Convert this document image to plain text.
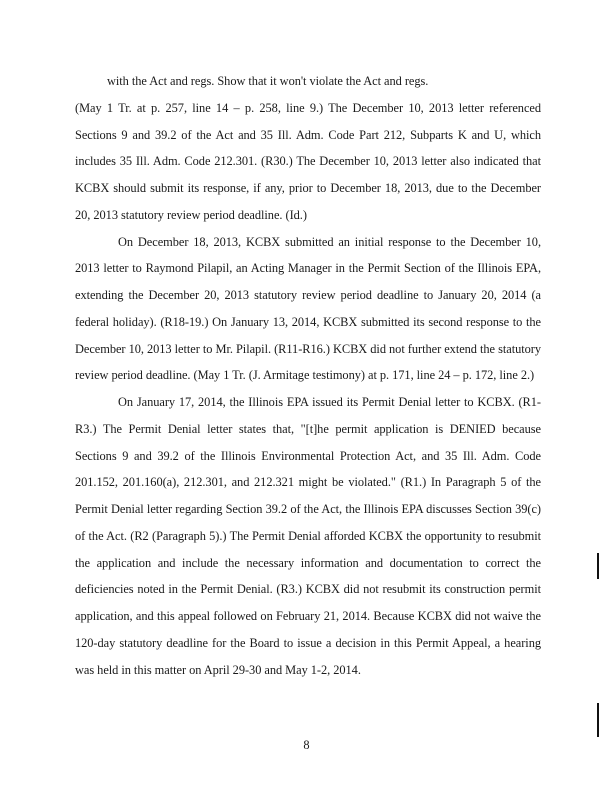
with the Act and regs. Show that it won't violate the Act and regs.

(May 1 Tr. at p. 257, line 14 – p. 258, line 9.) The December 10, 2013 letter referenced Sections 9 and 39.2 of the Act and 35 Ill. Adm. Code Part 212, Subparts K and U, which includes 35 Ill. Adm. Code 212.301. (R30.) The December 10, 2013 letter also indicated that KCBX should submit its response, if any, prior to December 18, 2013, due to the December 20, 2013 statutory review period deadline. (Id.)

On December 18, 2013, KCBX submitted an initial response to the December 10, 2013 letter to Raymond Pilapil, an Acting Manager in the Permit Section of the Illinois EPA, extending the December 20, 2013 statutory review period deadline to January 20, 2014 (a federal holiday). (R18-19.) On January 13, 2014, KCBX submitted its second response to the December 10, 2013 letter to Mr. Pilapil. (R11-R16.) KCBX did not further extend the statutory review period deadline. (May 1 Tr. (J. Armitage testimony) at p. 171, line 24 – p. 172, line 2.)

On January 17, 2014, the Illinois EPA issued its Permit Denial letter to KCBX. (R1-R3.) The Permit Denial letter states that, "[t]he permit application is DENIED because Sections 9 and 39.2 of the Illinois Environmental Protection Act, and 35 Ill. Adm. Code 201.152, 201.160(a), 212.301, and 212.321 might be violated." (R1.) In Paragraph 5 of the Permit Denial letter regarding Section 39.2 of the Act, the Illinois EPA discusses Section 39(c) of the Act. (R2 (Paragraph 5).) The Permit Denial afforded KCBX the opportunity to resubmit the application and include the necessary information and documentation to correct the deficiencies noted in the Permit Denial. (R3.) KCBX did not resubmit its construction permit application, and this appeal followed on February 21, 2014. Because KCBX did not waive the 120-day statutory deadline for the Board to issue a decision in this Permit Appeal, a hearing was held in this matter on April 29-30 and May 1-2, 2014.

8
